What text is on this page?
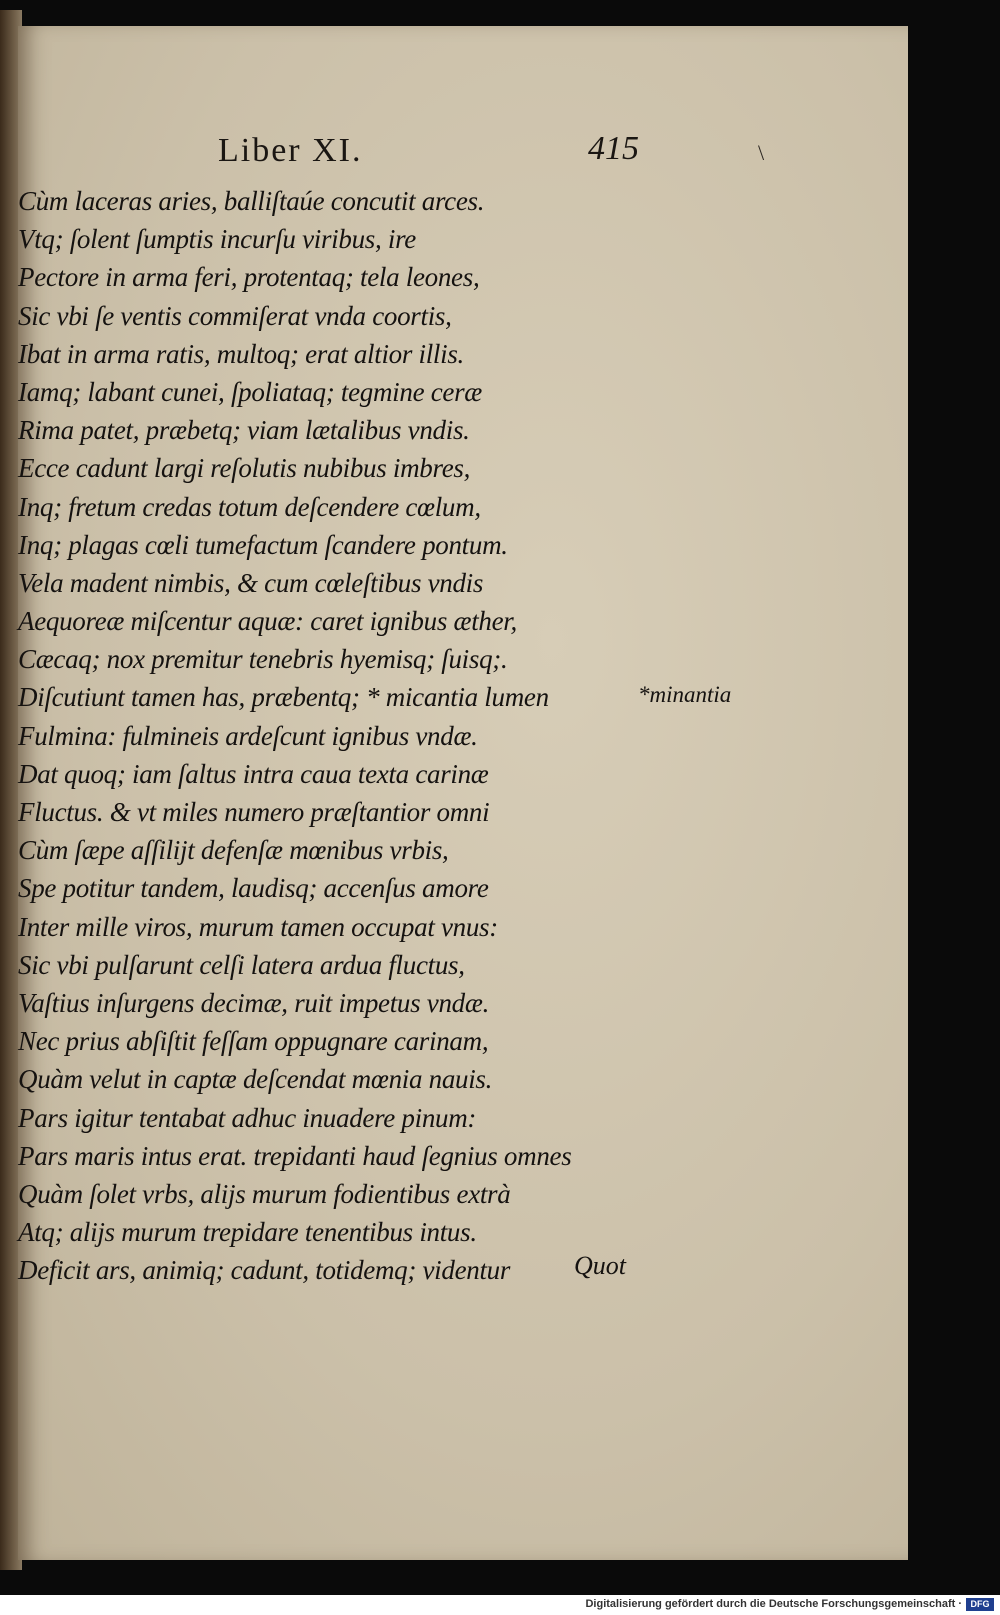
Liber XI.	415	\
Cùm laceras aries, balliſtaúe concutit arces.
Vtq; ſolent ſumptis incurſu viribus, ire
Pectore in arma feri, protentaq; tela leones,
Sic vbi ſe ventis commiſerat vnda coortis,
Ibat in arma ratis, multoq; erat altior illis.
Iamq; labant cunei, ſpoliataq; tegmine ceræ
Rima patet, præbetq; viam lætalibus vndis.
Ecce cadunt largi reſolutis nubibus imbres,
Inq; fretum credas totum deſcendere cœlum,
Inq; plagas cœli tumefactum ſcandere pontum.
Vela madent nimbis, & cum cœleſtibus vndis
Aequoreæ miſcentur aquæ: caret ignibus æther,
Cæcaq; nox premitur tenebris hyemisq; ſuisq;.
Diſcutiunt tamen has, præbentq; * micantia lumen
Fulmina: fulmineis ardeſcunt ignibus vndæ.
Dat quoq; iam ſaltus intra caua texta carinæ
Fluctus. & vt miles numero præſtantior omni
Cùm ſæpe aſſilijt defenſæ mœnibus vrbis,
Spe potitur tandem, laudisq; accenſus amore
Inter mille viros, murum tamen occupat vnus:
Sic vbi pulſarunt celſi latera ardua fluctus,
Vaſtius inſurgens decimæ, ruit impetus vndæ.
Nec prius abſiſtit feſſam oppugnare carinam,
Quàm velut in captæ deſcendat mœnia nauis.
Pars igitur tentabat adhuc inuadere pinum:
Pars maris intus erat. trepidanti haud ſegnius omnes
Quàm ſolet vrbs, alijs murum fodientibus extrà
Atq; alijs murum trepidare tenentibus intus.
Deficit ars, animiq; cadunt, totidemq; videntur
*minantia
Quot
Digitalisierung gefördert durch die Deutsche Forschungsgemeinschaft · DFG
